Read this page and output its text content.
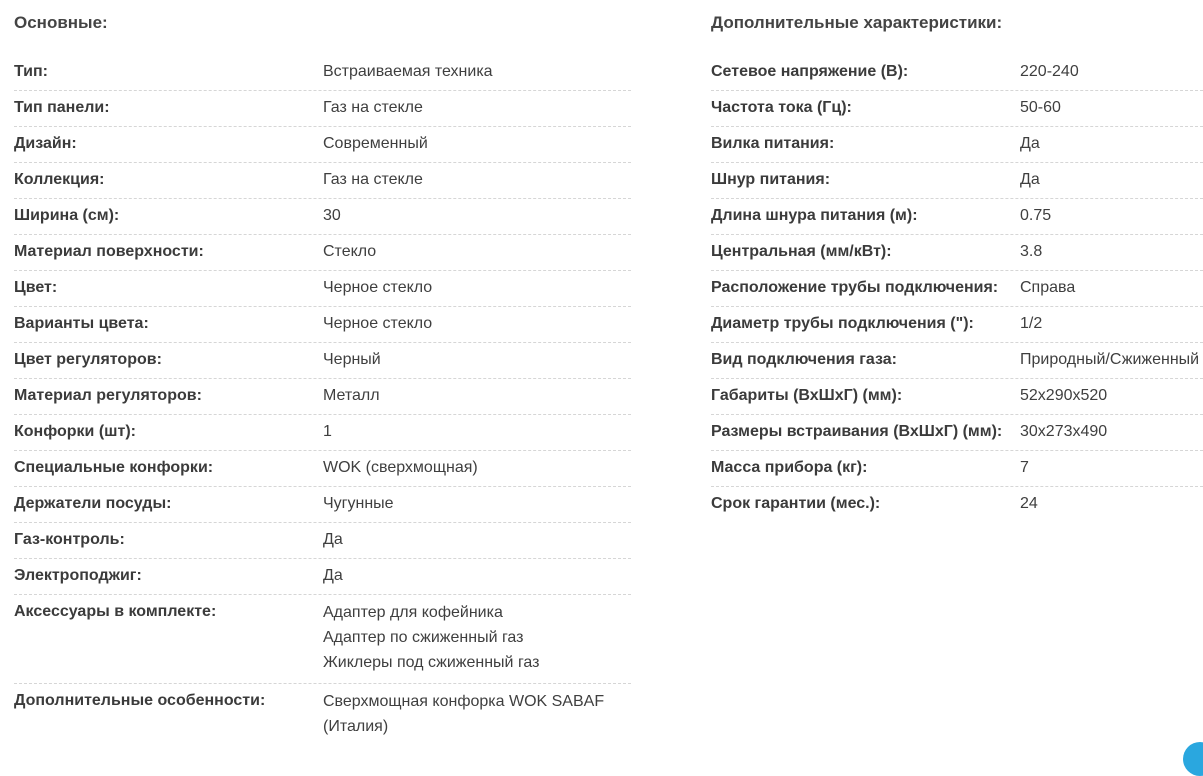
Основные:
Тип:	Встраиваемая техника
Тип панели:	Газ на стекле
Дизайн:	Современный
Коллекция:	Газ на стекле
Ширина (см):	30
Материал поверхности:	Стекло
Цвет:	Черное стекло
Варианты цвета:	Черное стекло
Цвет регуляторов:	Черный
Материал регуляторов:	Металл
Конфорки (шт):	1
Специальные конфорки:	WOK (сверхмощная)
Держатели посуды:	Чугунные
Газ-контроль:	Да
Электроподжиг:	Да
Аксессуары в комплекте:	Адаптер для кофейника
Адаптер по сжиженный газ
Жиклеры под сжиженный газ
Дополнительные особенности:	Сверхмощная конфорка WOK SABAF
(Италия)
Дополнительные характеристики:
Сетевое напряжение (В):	220-240
Частота тока (Гц):	50-60
Вилка питания:	Да
Шнур питания:	Да
Длина шнура питания (м):	0.75
Центральная (мм/кВт):	3.8
Расположение трубы подключения:	Справа
Диаметр трубы подключения ("):	1/2
Вид подключения газа:	Природный/Сжиженный
Габариты (ВхШхГ) (мм):	52x290x520
Размеры встраивания (ВхШхГ) (мм):	30x273x490
Масса прибора (кг):	7
Срок гарантии (мес.):	24
